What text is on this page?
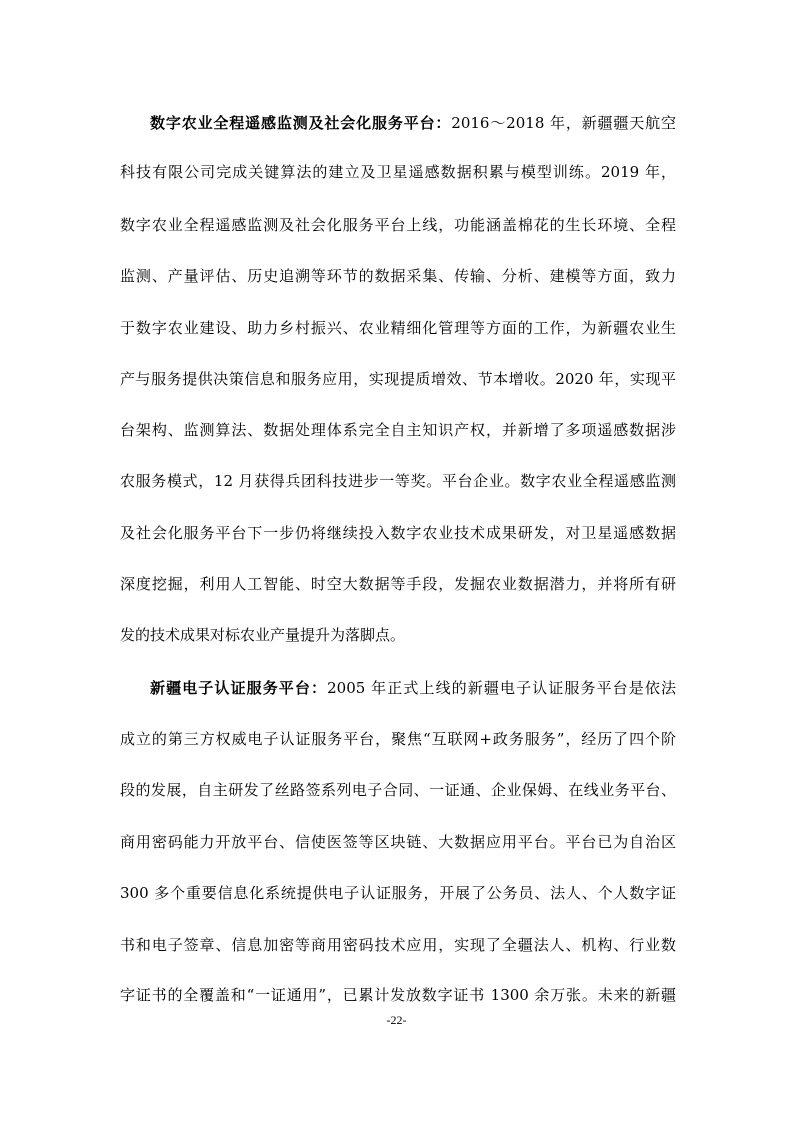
数字农业全程遥感监测及社会化服务平台：2016～2018 年，新疆疆天航空
科技有限公司完成关键算法的建立及卫星遥感数据积累与模型训练。2019 年，
数字农业全程遥感监测及社会化服务平台上线，功能涵盖棉花的生长环境、全程
监测、产量评估、历史追溯等环节的数据采集、传输、分析、建模等方面，致力
于数字农业建设、助力乡村振兴、农业精细化管理等方面的工作，为新疆农业生
产与服务提供决策信息和服务应用，实现提质增效、节本增收。2020 年，实现平
台架构、监测算法、数据处理体系完全自主知识产权，并新增了多项遥感数据涉
农服务模式，12 月获得兵团科技进步一等奖。平台企业。数字农业全程遥感监测
及社会化服务平台下一步仍将继续投入数字农业技术成果研发，对卫星遥感数据
深度挖掘，利用人工智能、时空大数据等手段，发掘农业数据潜力，并将所有研
发的技术成果对标农业产量提升为落脚点。
新疆电子认证服务平台：2005 年正式上线的新疆电子认证服务平台是依法
成立的第三方权威电子认证服务平台，聚焦“互联网+政务服务”，经历了四个阶
段的发展，自主研发了丝路签系列电子合同、一证通、企业保姆、在线业务平台、
商用密码能力开放平台、信使医签等区块链、大数据应用平台。平台已为自治区
300 多个重要信息化系统提供电子认证服务，开展了公务员、法人、个人数字证
书和电子签章、信息加密等商用密码技术应用，实现了全疆法人、机构、行业数
字证书的全覆盖和“一证通用”，已累计发放数字证书 1300 余万张。未来的新疆
-22-
